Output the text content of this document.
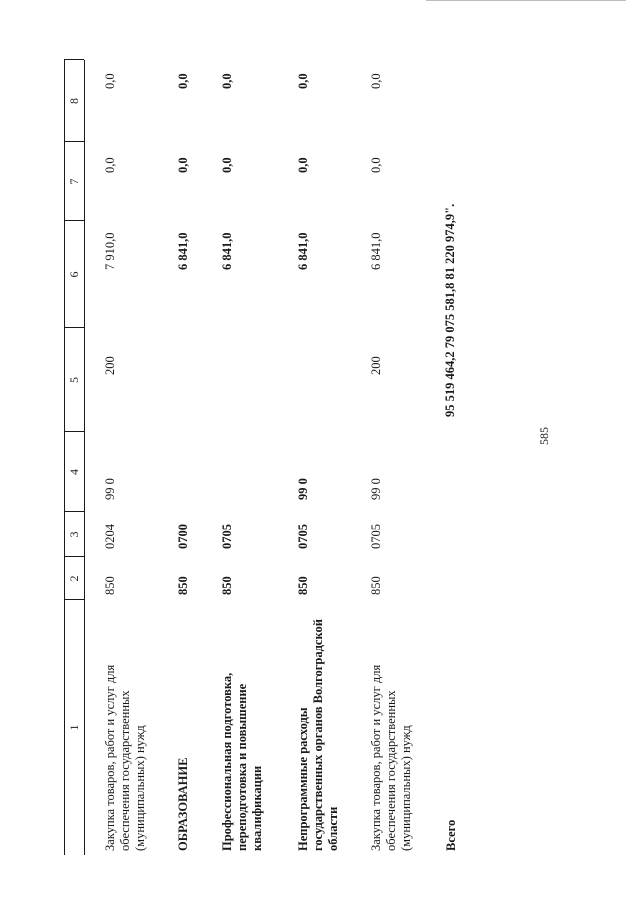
585
1
2
3
4
5
6
7
8
Закупка товаров, работ и услуг для обеспечения государственных (муниципальных) нужд
850
0204
99 0
200
7 910,0
0,0
0,0
ОБРАЗОВАНИЕ
850
0700
6 841,0
0,0
0,0
Профессиональная подготовка, переподготовка и повышение квалификации
850
0705
6 841,0
0,0
0,0
Непрограммные расходы государственных органов Волгоградской области
850
0705
99 0
6 841,0
0,0
0,0
Закупка товаров, работ и услуг для обеспечения государственных (муниципальных) нужд
850
0705
99 0
200
6 841,0
0,0
0,0
Всего
95 519 464,2 79 075 581,8 81 220 974,9".
